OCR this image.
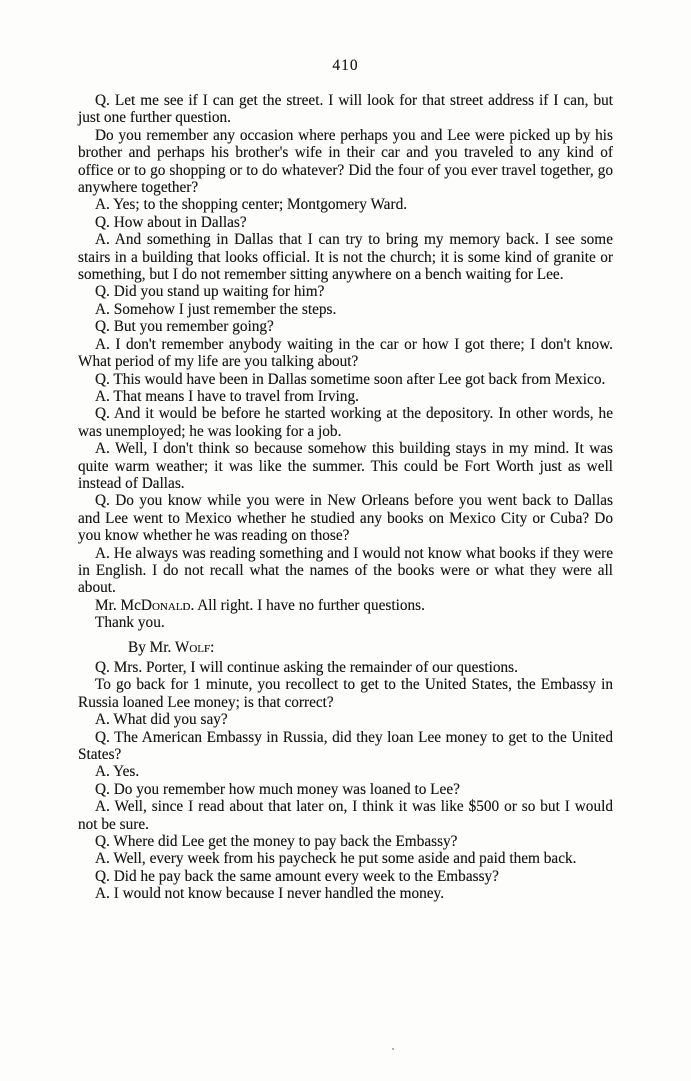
410

Q. Let me see if I can get the street. I will look for that street address if I can, but just one further question.

Do you remember any occasion where perhaps you and Lee were picked up by his brother and perhaps his brother's wife in their car and you traveled to any kind of office or to go shopping or to do whatever? Did the four of you ever travel together, go anywhere together?

A. Yes; to the shopping center; Montgomery Ward.

Q. How about in Dallas?

A. And something in Dallas that I can try to bring my memory back. I see some stairs in a building that looks official. It is not the church; it is some kind of granite or something, but I do not remember sitting anywhere on a bench waiting for Lee.

Q. Did you stand up waiting for him?

A. Somehow I just remember the steps.

Q. But you remember going?

A. I don't remember anybody waiting in the car or how I got there; I don't know. What period of my life are you talking about?

Q. This would have been in Dallas sometime soon after Lee got back from Mexico.

A. That means I have to travel from Irving.

Q. And it would be before he started working at the depository. In other words, he was unemployed; he was looking for a job.

A. Well, I don't think so because somehow this building stays in my mind. It was quite warm weather; it was like the summer. This could be Fort Worth just as well instead of Dallas.

Q. Do you know while you were in New Orleans before you went back to Dallas and Lee went to Mexico whether he studied any books on Mexico City or Cuba? Do you know whether he was reading on those?

A. He always was reading something and I would not know what books if they were in English. I do not recall what the names of the books were or what they were all about.

Mr. McDonald. All right. I have no further questions.

Thank you.

By Mr. Wolf:

Q. Mrs. Porter, I will continue asking the remainder of our questions.

To go back for 1 minute, you recollect to get to the United States, the Embassy in Russia loaned Lee money; is that correct?

A. What did you say?

Q. The American Embassy in Russia, did they loan Lee money to get to the United States?

A. Yes.

Q. Do you remember how much money was loaned to Lee?

A. Well, since I read about that later on, I think it was like $500 or so but I would not be sure.

Q. Where did Lee get the money to pay back the Embassy?

A. Well, every week from his paycheck he put some aside and paid them back.

Q. Did he pay back the same amount every week to the Embassy?

A. I would not know because I never handled the money.
